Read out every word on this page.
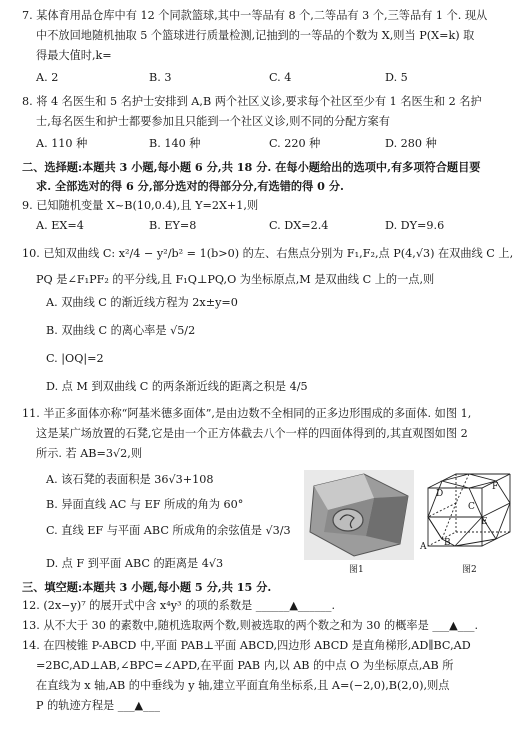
7. 某体育用品仓库中有 12 个同款篮球,其中一等品有 8 个,二等品有 3 个,三等品有 1 个. 现从
中不放回地随机抽取 5 个篮球进行质量检测,记抽到的一等品的个数为 X,则当 P(X=k) 取
得最大值时,k=
A. 2	B. 3	C. 4	D. 5
8. 将 4 名医生和 5 名护士安排到 A,B 两个社区义诊,要求每个社区至少有 1 名医生和 2 名护
士,每名医生和护士都要参加且只能到一个社区义诊,则不同的分配方案有
A. 110 种	B. 140 种	C. 220 种	D. 280 种
二、选择题:本题共 3 小题,每小题 6 分,共 18 分. 在每小题给出的选项中,有多项符合题目要
求. 全部选对的得 6 分,部分选对的得部分分,有选错的得 0 分.
9. 已知随机变量 X~B(10,0.4),且 Y=2X+1,则
A. EX=4	B. EY=8	C. DX=2.4	D. DY=9.6
10. 已知双曲线 C: x²/4 − y²/b² = 1(b>0) 的左、右焦点分别为 F₁,F₂,点 P(4,√3) 在双曲线 C 上,
PQ 是∠F₁PF₂ 的平分线,且 F₁Q⊥PQ,O 为坐标原点,M 是双曲线 C 上的一点,则
A. 双曲线 C 的渐近线方程为 2x±y=0
B. 双曲线 C 的离心率是 √5/2
C. |OQ|=2
D. 点 M 到双曲线 C 的两条渐近线的距离之积是 4/5
11. 半正多面体亦称“阿基米德多面体”,是由边数不全相同的正多边形围成的多面体. 如图 1,
这是某广场放置的石凳,它是由一个正方体截去八个一样的四面体得到的,其直观图如图 2
所示. 若 AB=3√2,则
A. 该石凳的表面积是 36√3+108
B. 异面直线 AC 与 EF 所成的角为 60°
C. 直线 EF 与平面 ABC 所成角的余弦值是 √3/3
D. 点 F 到平面 ABC 的距离是 4√3	图1
D
F
C
E
B
A
图2
三、填空题:本题共 3 小题,每小题 5 分,共 15 分.
12. (2x−y)⁷ 的展开式中含 x⁴y³ 的项的系数是 ______▲______.
13. 从不大于 30 的素数中,随机选取两个数,则被选取的两个数之和为 30 的概率是 ___▲___.
14. 在四棱锥 P-ABCD 中,平面 PAB⊥平面 ABCD,四边形 ABCD 是直角梯形,AD∥BC,AD
=2BC,AD⊥AB,∠BPC=∠APD,在平面 PAB 内,以 AB 的中点 O 为坐标原点,AB 所
在直线为 x 轴,AB 的中垂线为 y 轴,建立平面直角坐标系,且 A=(−2,0),B(2,0),则点
P 的轨迹方程是 ___▲___
